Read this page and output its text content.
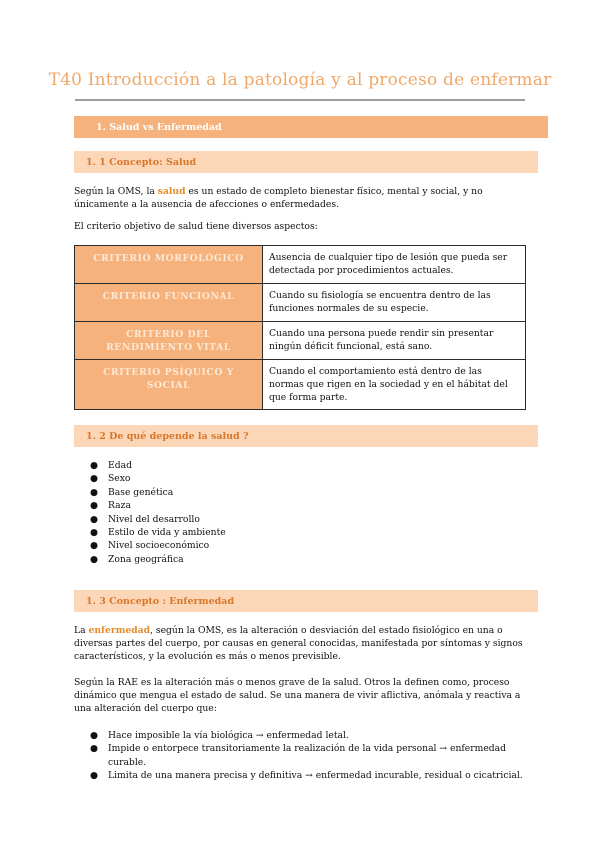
T40 Introducción a la patología y al proceso de enfermar
1. Salud vs Enfermedad
1. 1 Concepto: Salud

Según la OMS, la salud es un estado de completo bienestar físico, mental y social, y no únicamente a la ausencia de afecciones o enfermedades.

El criterio objetivo de salud tiene diversos aspectos:

CRITERIO MORFOLÓGICO	Ausencia de cualquier tipo de lesión que pueda ser detectada por procedimientos actuales.
CRITERIO FUNCIONAL	Cuando su fisiología se encuentra dentro de las funciones normales de su especie.
CRITERIO DEL RENDIMIENTO VITAL	Cuando una persona puede rendir sin presentar ningún déficit funcional, está sano.
CRITERIO PSÍQUICO Y SOCIAL	Cuando el comportamiento está dentro de las normas que rigen en la sociedad y en el hábitat del que forma parte.
1. 2 De qué depende la salud ?
● Edad
● Sexo
● Base genética
● Raza
● Nivel del desarrollo
● Estilo de vida y ambiente
● Nivel socioeconómico
● Zona geográfica
1. 3 Concepto : Enfermedad

La enfermedad, según la OMS, es la alteración o desviación del estado fisiológico en una o diversas partes del cuerpo, por causas en general conocidas, manifestada por síntomas y signos característicos, y la evolución es más o menos previsible.

Según la RAE es la alteración más o menos grave de la salud. Otros la definen como, proceso dinámico que mengua el estado de salud. Se una manera de vivir aflictiva, anómala y reactiva a una alteración del cuerpo que:

● Hace imposible la vía biológica → enfermedad letal.
● Impide o entorpece transitoriamente la realización de la vida personal → enfermedad curable.
● Limita de una manera precisa y definitiva → enfermedad incurable, residual o cicatricial.
